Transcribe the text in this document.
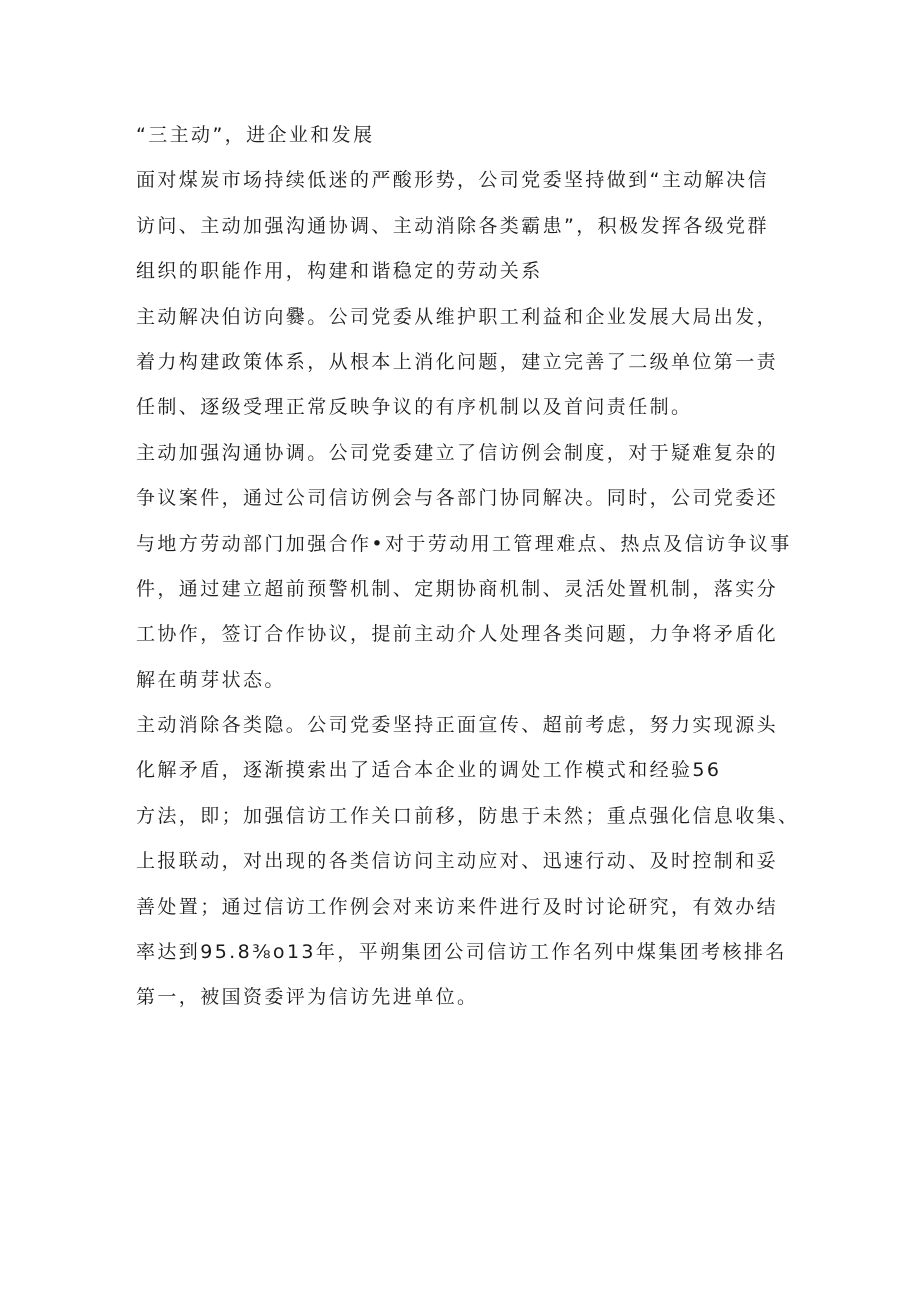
“三主动”，进企业和发展
面对煤炭市场持续低迷的严酸形势，公司党委坚持做到“主动解决信
访问、主动加强沟通协调、主动消除各类霸患”，积极发挥各级党群
组织的职能作用，构建和谐稳定的劳动关系
主动解决伯访向爨。公司党委从维护职工利益和企业发展大局出发，
着力构建政策体系，从根本上消化问题，建立完善了二级单位第一责
任制、逐级受理正常反映争议的有序机制以及首问责任制。
主动加强沟通协调。公司党委建立了信访例会制度，对于疑难复杂的
争议案件，通过公司信访例会与各部门协同解决。同时，公司党委还
与地方劳动部门加强合作•对于劳动用工管理难点、热点及信访争议事
件，通过建立超前预警机制、定期协商机制、灵活处置机制，落实分
工协作，签订合作协议，提前主动介人处理各类问题，力争将矛盾化
解在萌芽状态。
主动消除各类隐。公司党委坚持正面宣传、超前考虑，努力实现源头
化解矛盾，逐渐摸索出了适合本企业的调处工作模式和经验56
方法，即；加强信访工作关口前移，防患于未然；重点强化信息收集、
上报联动，对出现的各类信访问主动应对、迅速行动、及时控制和妥
善处置；通过信访工作例会对来访来件进行及时讨论研究，有效办结
率达到95.8⅜o13年，平朔集团公司信访工作名列中煤集团考核排名
第一，被国资委评为信访先进单位。
